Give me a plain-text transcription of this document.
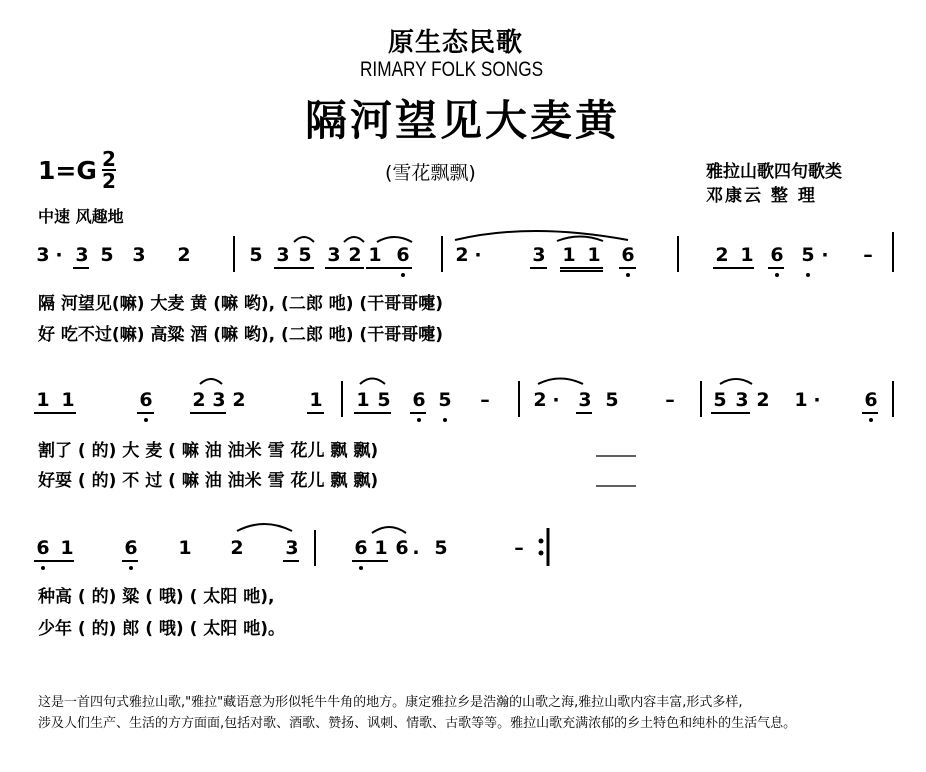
原生态民歌
RIMARY FOLK SONGS
隔河望见大麦黄
1=G 2
2	(雪花飘飘)	雅拉山歌四句歌类
邓康云 整 理
中速 风趣地
3 · 3 5 3 2	5 3 5 3 2 1 6 2 ·	3 1 1 6	2 1 6 5 ·	–
隔 河望见(嘛) 大麦 黄 (嘛 哟), (二郎 吔) (干哥哥嚏)
好 吃不过(嘛) 高粱 酒 (嘛 哟), (二郎 吔) (干哥哥嚏)
1 1	6 2 3 2	1 1 5 6 5	–	2 · 3 5	–	5 3 2 1 ·	6
割了 ( 的) 大 麦 ( 嘛 油 油米 雪 花儿 飘 飘)
好耍 ( 的) 不 过 ( 嘛 油 油米 雪 花儿 飘 飘)
6 1	6 1 2 3	6 1 6 . 5	–
种高 ( 的) 粱 ( 哦) ( 太阳 吔),
少年 ( 的) 郎 ( 哦) ( 太阳 吔)。
这是一首四句式雅拉山歌,"雅拉"藏语意为形似牦牛牛角的地方。康定雅拉乡是浩瀚的山歌之海,雅拉山歌内容丰富,形式多样,
涉及人们生产、生活的方方面面,包括对歌、酒歌、赞扬、讽刺、情歌、古歌等等。雅拉山歌充满浓郁的乡土特色和纯朴的生活气息。
